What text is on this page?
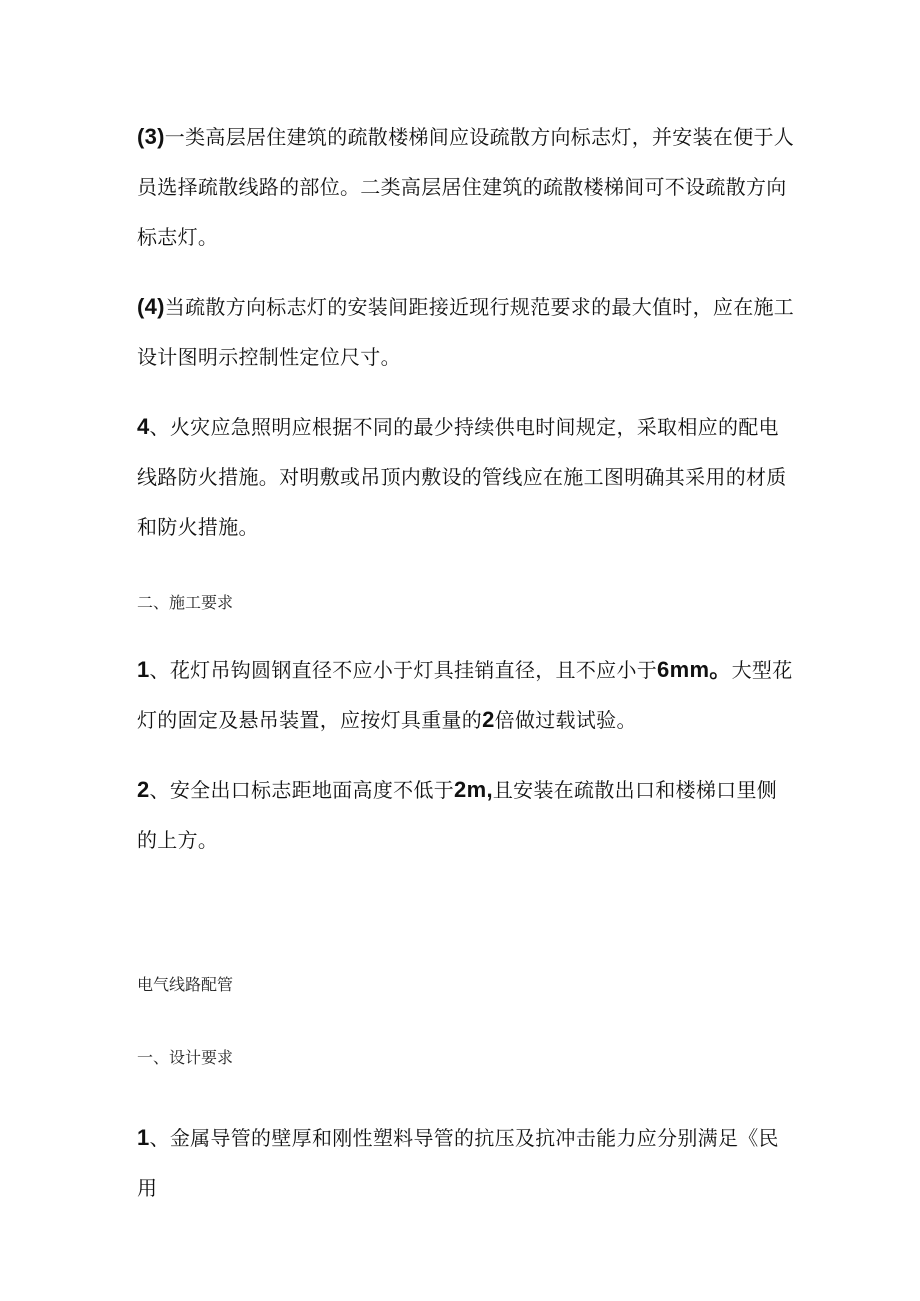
(3)一类高层居住建筑的疏散楼梯间应设疏散方向标志灯，并安装在便于人员选择疏散线路的部位。二类高层居住建筑的疏散楼梯间可不设疏散方向标志灯。

(4)当疏散方向标志灯的安装间距接近现行规范要求的最大值时，应在施工设计图明示控制性定位尺寸。

4、火灾应急照明应根据不同的最少持续供电时间规定，采取相应的配电线路防火措施。对明敷或吊顶内敷设的管线应在施工图明确其采用的材质和防火措施。

二、施工要求

1、花灯吊钩圆钢直径不应小于灯具挂销直径，且不应小于6mm。大型花灯的固定及悬吊装置，应按灯具重量的2倍做过载试验。

2、安全出口标志距地面高度不低于2m,且安装在疏散出口和楼梯口里侧的上方。

电气线路配管

一、设计要求

1、金属导管的壁厚和刚性塑料导管的抗压及抗冲击能力应分别满足《民用
